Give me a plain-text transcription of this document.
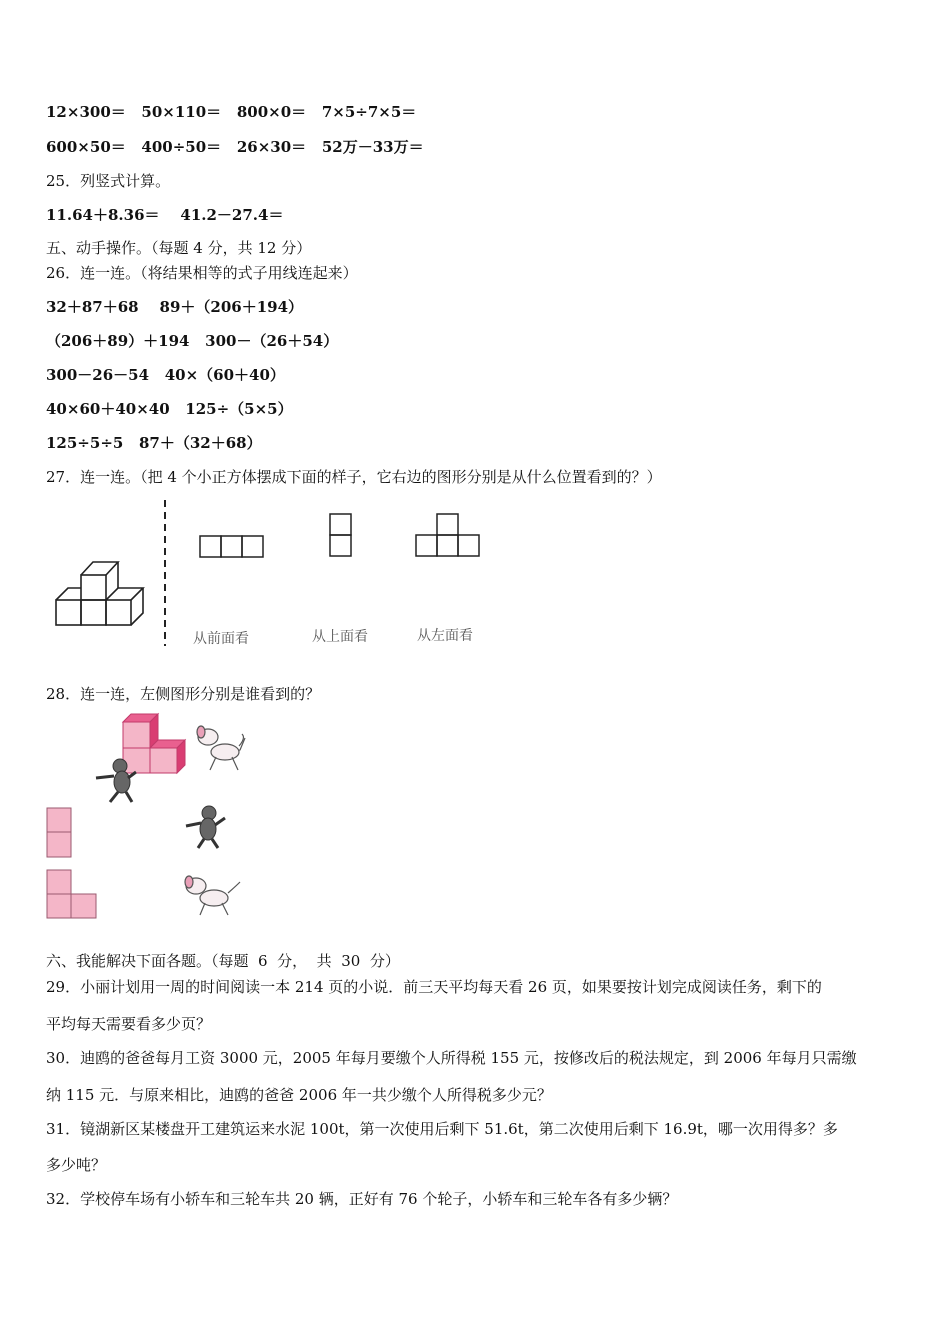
12×300＝   50×110＝   800×0＝   7×5÷7×5＝
600×50＝   400÷50＝   26×30＝   52万－33万＝
25．列竖式计算。
11.64＋8.36＝    41.2－27.4＝
五、动手操作。（每题 4 分，共 12 分）
26．连一连。（将结果相等的式子用线连起来）
32＋87＋68    89＋（206＋194）
（206＋89）＋194   300－（26＋54）
300－26－54   40×（60＋40）
40×60＋40×40   125÷（5×5）
125÷5÷5   87＋（32＋68）
27．连一连。（把 4 个小正方体摆成下面的样子，它右边的图形分别是从什么位置看到的？）
从前面看	从上面看	从左面看
28．连一连，左侧图形分别是谁看到的？
六、我能解决下面各题。（每题  6  分，  共  30  分）
29．小丽计划用一周的时间阅读一本 214 页的小说．前三天平均每天看 26 页，如果要按计划完成阅读任务，剩下的
平均每天需要看多少页？
30．迪鸥的爸爸每月工资 3000 元，2005 年每月要缴个人所得税 155 元，按修改后的税法规定，到 2006 年每月只需缴
纳 115 元．与原来相比，迪鸥的爸爸 2006 年一共少缴个人所得税多少元？
31．镜湖新区某楼盘开工建筑运来水泥 100t，第一次使用后剩下 51.6t，第二次使用后剩下 16.9t，哪一次用得多？多
多少吨？
32．学校停车场有小轿车和三轮车共 20 辆，正好有 76 个轮子，小轿车和三轮车各有多少辆？
